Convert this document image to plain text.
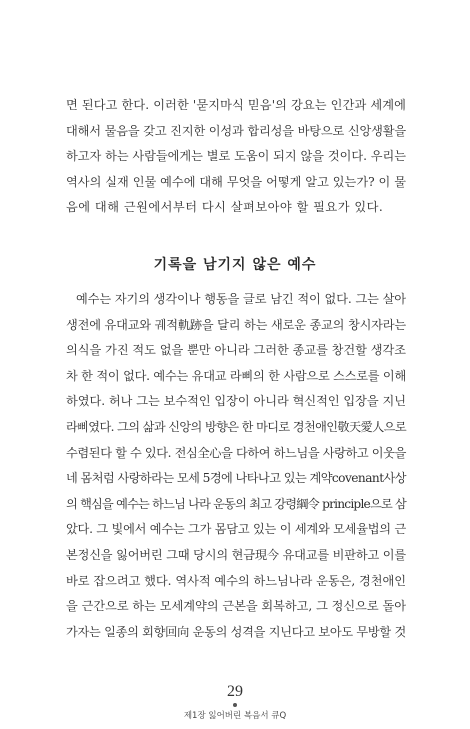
면 된다고 한다. 이러한 '묻지마식 믿음'의 강요는 인간과 세계에
대해서 물음을 갖고 진지한 이성과 합리성을 바탕으로 신앙생활을
하고자 하는 사람들에게는 별로 도움이 되지 않을 것이다. 우리는
역사의 실재 인물 예수에 대해 무엇을 어떻게 알고 있는가? 이 물
음에 대해 근원에서부터 다시 살펴보아야 할 필요가 있다.
기록을 남기지 않은 예수
예수는 자기의 생각이나 행동을 글로 남긴 적이 없다. 그는 살아
생전에 유대교와 궤적軌跡을 달리 하는 새로운 종교의 창시자라는
의식을 가진 적도 없을 뿐만 아니라 그러한 종교를 창건할 생각조
차 한 적이 없다. 예수는 유대교 라삐의 한 사람으로 스스로를 이해
하였다. 허나 그는 보수적인 입장이 아니라 혁신적인 입장을 지닌
라삐였다. 그의 삶과 신앙의 방향은 한 마디로 경천애인敬天愛人으로
수렴된다 할 수 있다. 전심全心을 다하여 하느님을 사랑하고 이웃을
네 몸처럼 사랑하라는 모세 5경에 나타나고 있는 계약covenant사상
의 핵심을 예수는 하느님 나라 운동의 최고 강령綱令 principle으로 삼
았다. 그 빛에서 예수는 그가 몸담고 있는 이 세계와 모세율법의 근
본정신을 잃어버린 그때 당시의 현금現今 유대교를 비판하고 이를
바로 잡으려고 했다. 역사적 예수의 하느님나라 운동은, 경천애인
을 근간으로 하는 모세계약의 근본을 회복하고, 그 정신으로 돌아
가자는 일종의 회향回向 운동의 성격을 지닌다고 보아도 무방할 것
29
제1장 잃어버린 복음서 큐Q
